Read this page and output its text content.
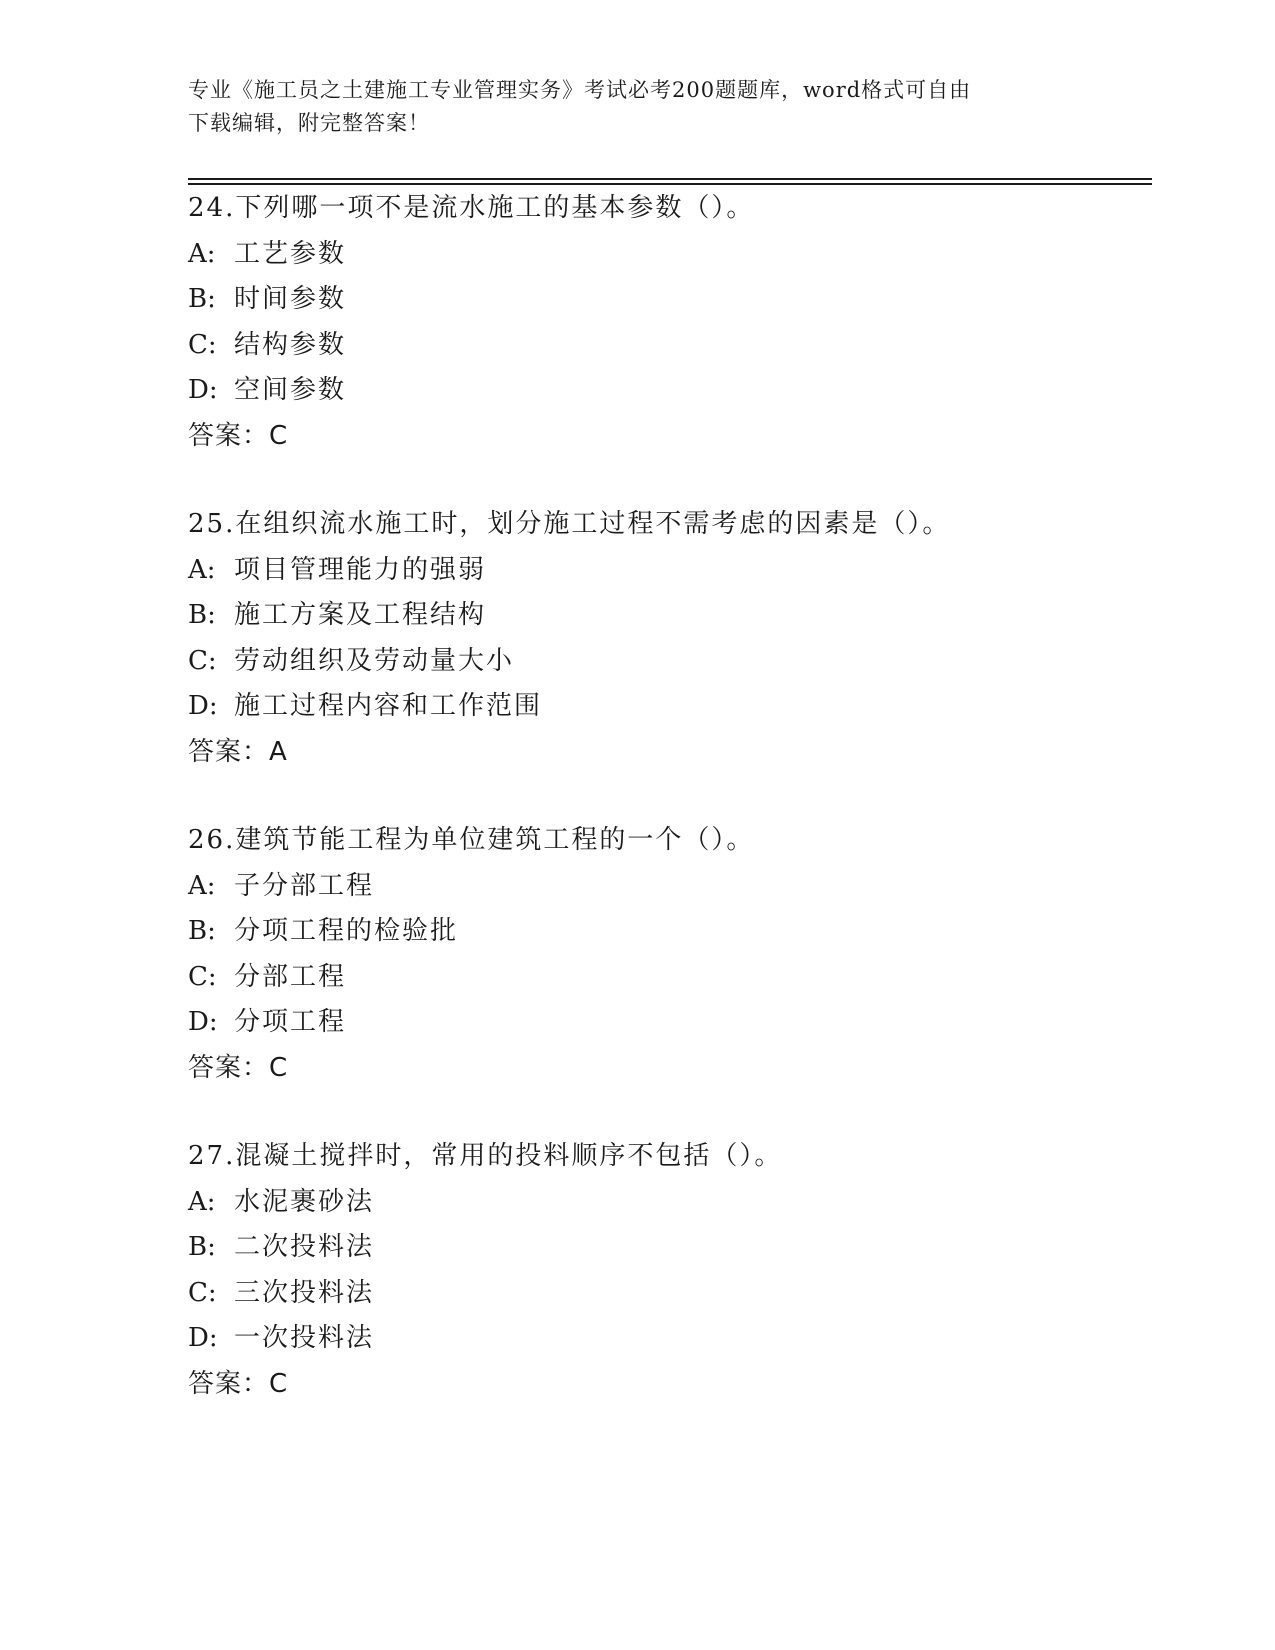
专业《施工员之土建施工专业管理实务》考试必考200题题库，word格式可自由
下载编辑，附完整答案！
24.下列哪一项不是流水施工的基本参数（）。
A: 工艺参数
B: 时间参数
C: 结构参数
D: 空间参数
答案：C
25.在组织流水施工时，划分施工过程不需考虑的因素是（）。
A: 项目管理能力的强弱
B: 施工方案及工程结构
C: 劳动组织及劳动量大小
D: 施工过程内容和工作范围
答案：A
26.建筑节能工程为单位建筑工程的一个（）。
A: 子分部工程
B: 分项工程的检验批
C: 分部工程
D: 分项工程
答案：C
27.混凝土搅拌时，常用的投料顺序不包括（）。
A: 水泥裹砂法
B: 二次投料法
C: 三次投料法
D: 一次投料法
答案：C
